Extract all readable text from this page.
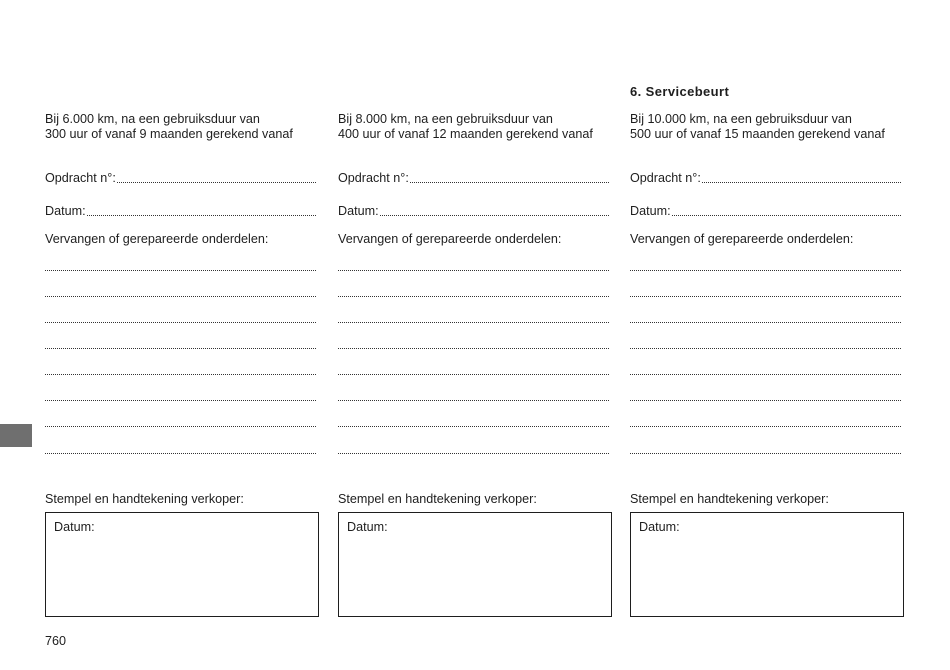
Bij 6.000 km, na een gebruiksduur van
300 uur of vanaf 9 maanden gerekend vanaf
Opdracht n°:
Datum:
Vervangen of gerepareerde onderdelen:
Stempel en handtekening verkoper:
Datum:
Bij 8.000 km, na een gebruiksduur van
400 uur of vanaf 12 maanden gerekend vanaf
Opdracht n°:
Datum:
Vervangen of gerepareerde onderdelen:
Stempel en handtekening verkoper:
Datum:
6. Servicebeurt
Bij 10.000 km, na een gebruiksduur van
500 uur of vanaf 15 maanden gerekend vanaf
Opdracht n°:
Datum:
Vervangen of gerepareerde onderdelen:
Stempel en handtekening verkoper:
Datum:
760
